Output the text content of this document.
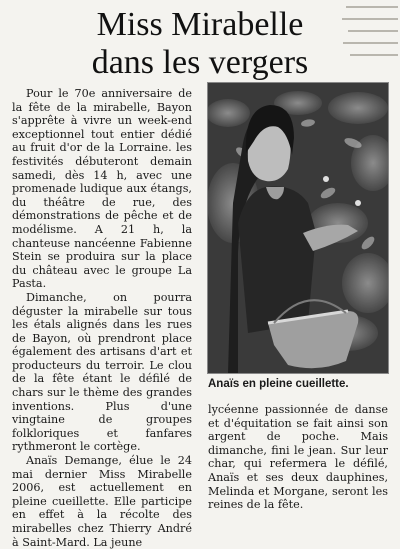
Miss Mirabelle
dans les vergers

Pour le 70e anniversaire de la fête de la mirabelle, Bayon s'apprête à vivre un week-end exceptionnel tout entier dédié au fruit d'or de la Lorraine. les festivités débuteront demain samedi, dès 14 h, avec une promenade ludique aux étangs, du théâtre de rue, des démonstrations de pêche et de modélisme. A 21 h, la chanteuse nancéenne Fabienne Stein se produira sur la place du château avec le groupe La Pasta.

Dimanche, on pourra déguster la mirabelle sur tous les étals alignés dans les rues de Bayon, où prendront place également des artisans d'art et producteurs du terroir. Le clou de la fête étant le défilé de chars sur le thème des grandes inventions. Plus d'une vingtaine de groupes folkloriques et fanfares rythmeront le cortège.

Anaïs Demange, élue le 24 mai dernier Miss Mirabelle 2006, est actuellement en pleine cueillette. Elle participe en effet à la récolte des mirabelles chez Thierry André à Saint-Mard. La jeune

Anaïs en pleine cueillette.

lycéenne passionnée de danse et d'équitation se fait ainsi son argent de poche. Mais dimanche, fini le jean. Sur leur char, qui refermera le défilé, Anaïs et ses deux dauphines, Melinda et Morgane, seront les reines de la fête.
